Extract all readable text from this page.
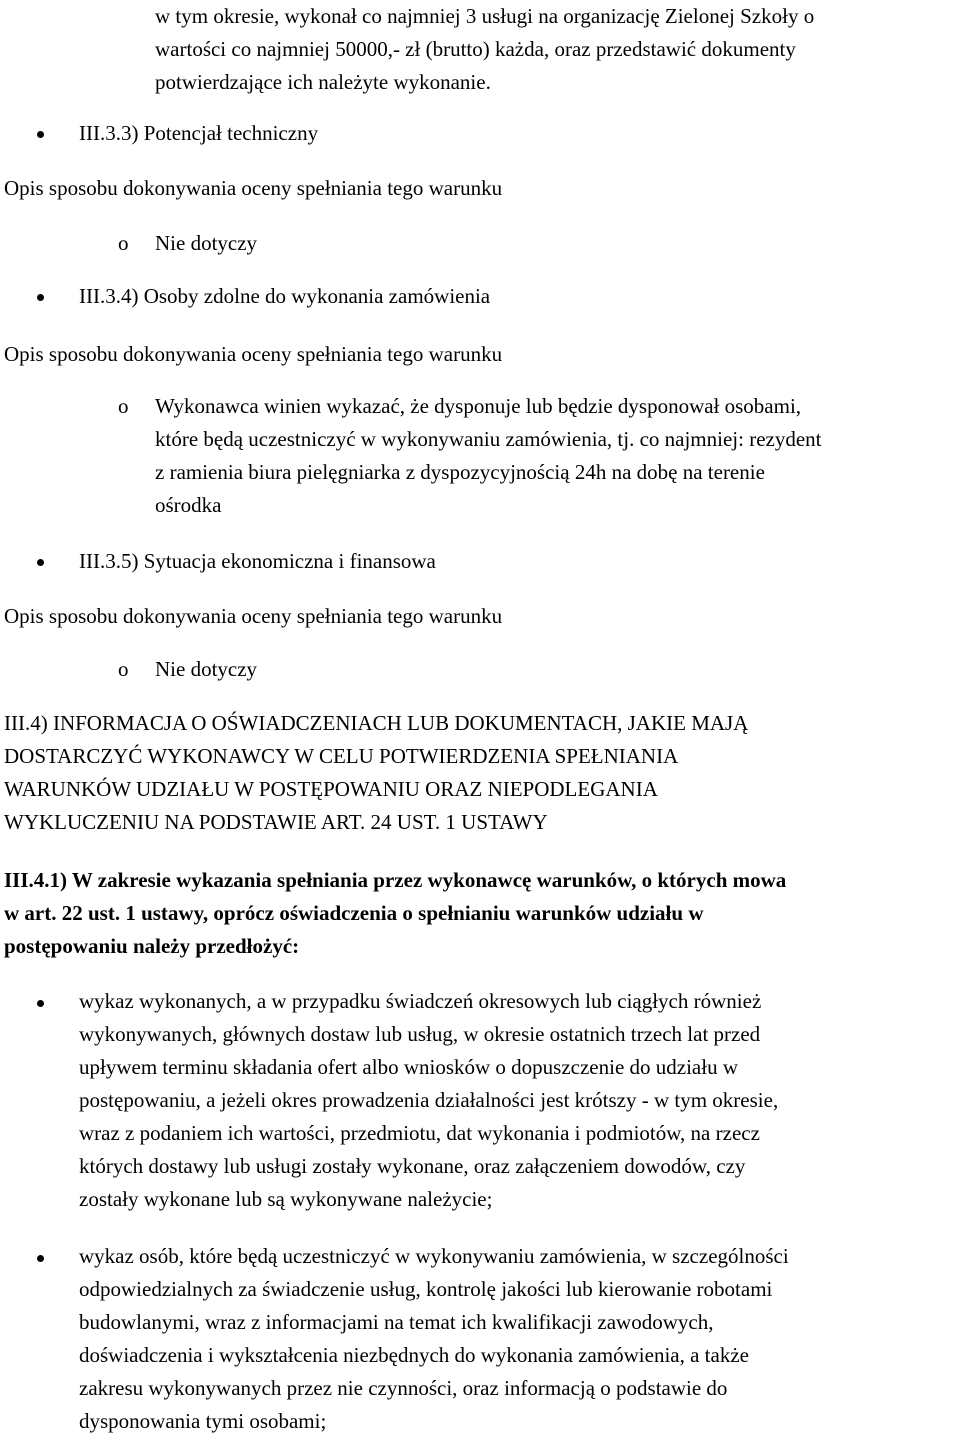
w tym okresie, wykonał co najmniej 3 usługi na organizację Zielonej Szkoły o
wartości co najmniej 50000,- zł (brutto) każda, oraz przedstawić dokumenty
potwierdzające ich należyte wykonanie.
III.3.3) Potencjał techniczny
Opis sposobu dokonywania oceny spełniania tego warunku
o Nie dotyczy
III.3.4) Osoby zdolne do wykonania zamówienia
Opis sposobu dokonywania oceny spełniania tego warunku
o Wykonawca winien wykazać, że dysponuje lub będzie dysponował osobami,
które będą uczestniczyć w wykonywaniu zamówienia, tj. co najmniej: rezydent
z ramienia biura pielęgniarka z dyspozycyjnością 24h na dobę na terenie
ośrodka
III.3.5) Sytuacja ekonomiczna i finansowa
Opis sposobu dokonywania oceny spełniania tego warunku
o Nie dotyczy
III.4) INFORMACJA O OŚWIADCZENIACH LUB DOKUMENTACH, JAKIE MAJĄ
DOSTARCZYĆ WYKONAWCY W CELU POTWIERDZENIA SPEŁNIANIA
WARUNKÓW UDZIAŁU W POSTĘPOWANIU ORAZ NIEPODLEGANIA
WYKLUCZENIU NA PODSTAWIE ART. 24 UST. 1 USTAWY
III.4.1) W zakresie wykazania spełniania przez wykonawcę warunków, o których mowa
w art. 22 ust. 1 ustawy, oprócz oświadczenia o spełnianiu warunków udziału w
postępowaniu należy przedłożyć:
wykaz wykonanych, a w przypadku świadczeń okresowych lub ciągłych również
wykonywanych, głównych dostaw lub usług, w okresie ostatnich trzech lat przed
upływem terminu składania ofert albo wniosków o dopuszczenie do udziału w
postępowaniu, a jeżeli okres prowadzenia działalności jest krótszy - w tym okresie,
wraz z podaniem ich wartości, przedmiotu, dat wykonania i podmiotów, na rzecz
których dostawy lub usługi zostały wykonane, oraz załączeniem dowodów, czy
zostały wykonane lub są wykonywane należycie;
wykaz osób, które będą uczestniczyć w wykonywaniu zamówienia, w szczególności
odpowiedzialnych za świadczenie usług, kontrolę jakości lub kierowanie robotami
budowlanymi, wraz z informacjami na temat ich kwalifikacji zawodowych,
doświadczenia i wykształcenia niezbędnych do wykonania zamówienia, a także
zakresu wykonywanych przez nie czynności, oraz informacją o podstawie do
dysponowania tymi osobami;
